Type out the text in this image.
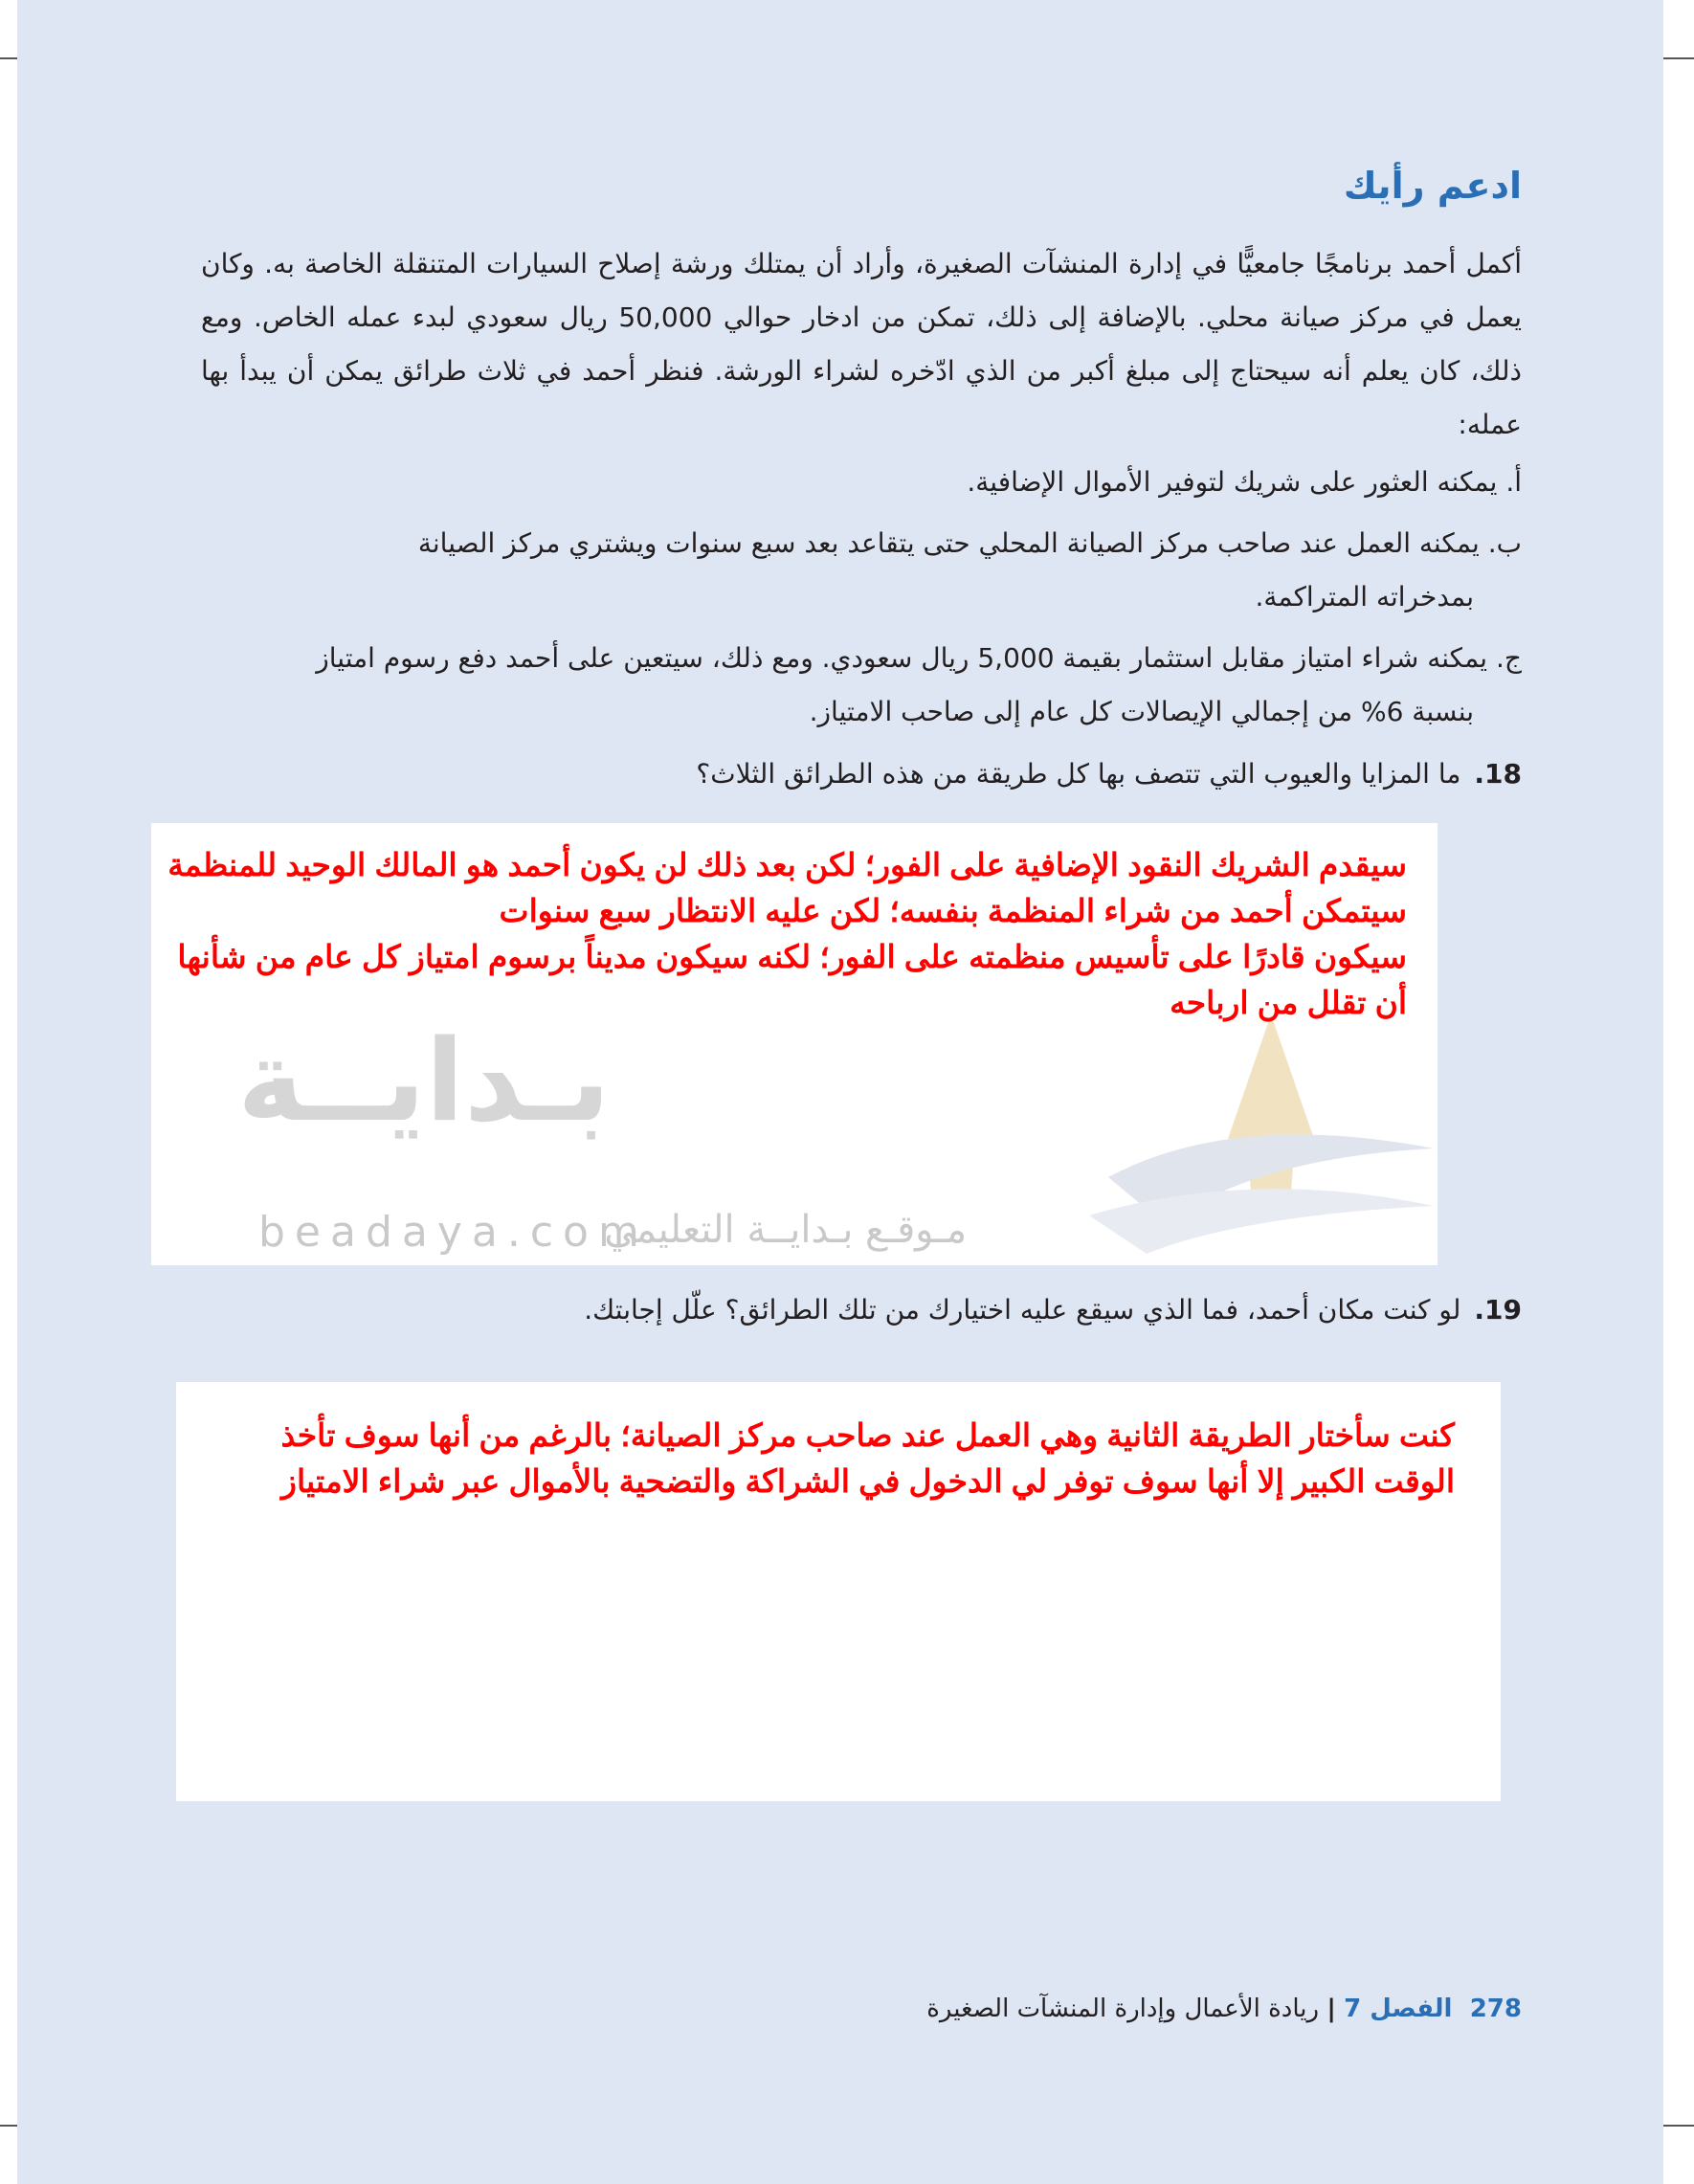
ادعم رأيك
أكمل أحمد برنامجًا جامعيًّا في إدارة المنشآت الصغيرة، وأراد أن يمتلك ورشة إصلاح السيارات المتنقلة الخاصة به. وكان يعمل في مركز صيانة محلي. بالإضافة إلى ذلك، تمكن من ادخار حوالي 50,000 ريال سعودي لبدء عمله الخاص. ومع ذلك، كان يعلم أنه سيحتاج إلى مبلغ أكبر من الذي ادّخره لشراء الورشة. فنظر أحمد في ثلاث طرائق يمكن أن يبدأ بها عمله:
أ. يمكنه العثور على شريك لتوفير الأموال الإضافية.
ب. يمكنه العمل عند صاحب مركز الصيانة المحلي حتى يتقاعد بعد سبع سنوات ويشتري مركز الصيانة
بمدخراته المتراكمة.
ج. يمكنه شراء امتياز مقابل استثمار بقيمة 5,000 ريال سعودي. ومع ذلك، سيتعين على أحمد دفع رسوم امتياز
بنسبة 6% من إجمالي الإيصالات كل عام إلى صاحب الامتياز.
18.ما المزايا والعيوب التي تتصف بها كل طريقة من هذه الطرائق الثلاث؟
بـدايــة
beadaya.com
مـوقـع بـدايــة التعليمي
سيقدم الشريك النقود الإضافية على الفور؛ لكن بعد ذلك لن يكون أحمد هو المالك الوحيد للمنظمة
سيتمكن أحمد من شراء المنظمة بنفسه؛ لكن عليه الانتظار سبع سنوات
سيكون قادرًا على تأسيس منظمته على الفور؛ لكنه سيكون مديناً برسوم امتياز كل عام من شأنها
أن تقلل من ارباحه
19.لو كنت مكان أحمد، فما الذي سيقع عليه اختيارك من تلك الطرائق؟ علّل إجابتك.
كنت سأختار الطريقة الثانية وهي العمل عند صاحب مركز الصيانة؛ بالرغم من أنها سوف تأخذ
الوقت الكبير إلا أنها سوف توفر لي الدخول في الشراكة والتضحية بالأموال عبر شراء الامتياز
278 الفصل 7 | ريادة الأعمال وإدارة المنشآت الصغيرة
